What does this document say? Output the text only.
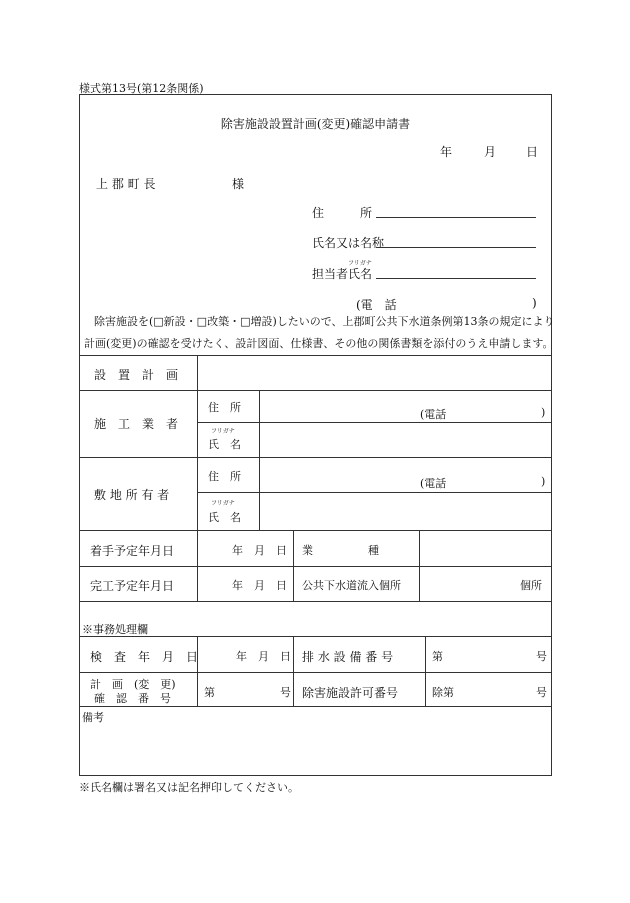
様式第13号(第12条関係)
除害施設設置計画(変更)確認申請書
年	月 日
上 郡 町 長	様
住　　　所
氏名又は名称
フリガナ
担当者氏名
(電　話	)
除害施設を(□新設・□改築・□増設)したいので、上郡町公共下水道条例第13条の規定により
計画(変更)の確認を受けたく、設計図面、仕様書、その他の関係書類を添付のうえ申請します。
設　置　計　画
施　工　業　者
住　所
(電話	)
フリガナ
氏　名
敷 地 所 有 者
住　所
(電話	)
フリガナ
氏　名
着手予定年月日	年　月　日 業　　　　　種
完工予定年月日	年　月　日 公共下水道流入個所	個所
※事務処理欄
検　査　年　月　日	年　月　日 排 水 設 備 番 号	第	号
計　画　(変　更)
確　認　番　号	第	号 除害施設許可番号	除第	号
備考
※氏名欄は署名又は記名押印してください。
